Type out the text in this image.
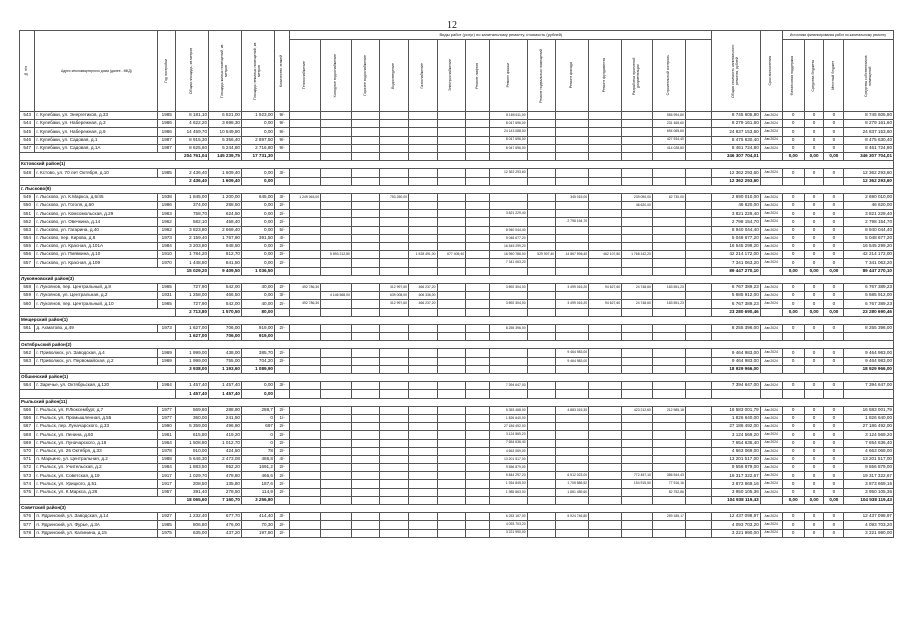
12
№ п/п	Адрес многоквартирного дома (далее - МКД)	Год постройки	Общая площадь, кв.метров	Площадь жилых помещений, кв. метров	Площадь нежилых помещений, кв. метров	Количество этажей	Виды работ (услуг) по капитальному ремонту, стоимость (рублей)														Общая стоимость капитального ремонта, рублей	Срок выполнения	Источники финансирования работ по капитальному ремонту			

							Теплоснабжение	Холодное водоснабжение	Горячее водоснабжение	Водоотведение	Газоснабжение	Электроснабжение	Ремонт лифтов	Ремонт крыши	Ремонт подвальных помещений	Ремонт фасада	Ремонт фундамента	Разработка проектной документации	Строительный контроль				Финансовая поддержка	Средства бюджета	Местный бюджет	Средства собственников помещений

543	г. Кулебаки, ул. Энергетиков, д.33	1985	8 181,10	6 821,00	1 923,00	9/-								8 189 611,00					555 994,80		8 745 605,80	Авг.2024	0	0	0	8 745 605,80
544	г. Кулебаки, ул. Набережная, д.3	1986	4 622,20	3 698,30	0,00	9/-								8 047 696,00					231 465,60		8 279 161,60	Авг.2024	0	0	0	8 279 161,60
545	г. Кулебаки, ул. Набережная, д.9	1986	14 459,70	10 549,90	0,00	9/-								24 143 088,00					694 065,60		24 837 153,60	Авг.2024	0	0	0	24 837 153,60
546	г. Кулебаки, ул. Садовая, д.1	1987	8 915,30	5 356,40	2 897,50	9/-								8 047 696,00					427 934,40		8 475 630,40	Авг.2024	0	0	0	8 475 630,40
547	г. Кулебаки, ул. Садовая, д.1А	1987	8 625,60	5 244,80	2 716,80	9/-								8 047 696,00					414 028,80		8 461 724,80	Авг.2024	0	0	0	8 461 724,80
			204 761,04	145 239,75	17 731,30																346 307 704,01		0,00	0,00	0,00	346 307 704,01
Кстовский район(1)																										
548	г. Кстово, ул. 70 лет Октября, д.10	1985	2 436,40	1 609,40	0,00	3/-								12 362 293,60							12 362 293,60	Авг.2024	0	0	0	12 362 293,60
			2 436,40	1 609,40	0,00																12 362 293,60					12 362 293,60
г. Лысково(9)																										
549	г. Лысково, ул. К.Маркса, д.6/45	1938	1 845,00	1 200,00	645,00	3/-	1 249 063,00			753 250,00						345 015,00		239 050,00	62 730,00		2 690 010,00	Авг.2024	0	0	0	2 690 010,00
550	г. Лысково, ул. Гоголя, д.60	1986	374,00	288,50	0,00	2/-												46 620,00			46 620,00	Авг.2024	0	0	0	46 620,00
551	г. Лысково, ул. Комсомольская, д.29	1963	758,70	624,50	0,00	2/-								3 821 229,40							3 821 229,40	Авг.2024	0	0	0	3 821 229,40
552	г. Лысково, ул. Овечкина, д.14	1962	582,10	458,40	0,00	2/-										2 798 154,70					2 798 154,70	Авг.2024	0	0	0	2 798 154,70
553	г. Лысково, ул. Гагарина, д.40	1962	3 823,80	2 669,40	0,00	5/-								8 940 044,40							8 940 044,40	Авг.2024	0	0	0	8 940 044,40
554	г. Лысково, пер. Кирова, д.8	1973	2 159,40	1 767,90	391,50	4/-								5 048 677,20							5 048 677,20	Авг.2024	0	0	0	5 048 677,20
555	г. Лысково, ул. Красная, д.101А	1984	3 203,80	948,50	0,00	2/-								16 545 299,20							16 545 299,20	Авг.2024	0	0	0	16 545 299,20
556	г. Лысково, ул. Пиявкина, д.10	1910	1 784,20	812,70	0,00	2/-		5 893 212,80			1 528 491,00	677 405,40		16 950 786,00	529 907,40	14 867 596,40	462 107,80	1 768 142,20			42 214 172,00	Авг.2024	0	0	0	42 214 172,00
557	г. Лысково, ул. Красная, д.109	1970	1 448,80	841,50	0,00	2/-								7 341 063,20							7 341 063,20	Авг.2024	0	0	0	7 341 063,20
			15 029,20	9 409,50	1 036,50																89 447 270,10		0,00	0,00	0,00	89 447 270,10
Лукояновский район(3)																										
558	г. Лукоянов, пер. Центральный, д.8	1965	727,90	542,00	40,00	2/-	492 786,30			312 997,60	466 237,20			3 892 304,00		3 499 015,20	94 627,60	24 748,60	183 551,23		6 767 389,23	Авг.2024	0	0	0	6 767 389,23
559	г. Лукоянов, ул. Центральная, д.2	1931	1 258,00	466,50	0,00	3/-		4 146 568,00		639 008,00	606 336,00										5 685 912,00	Авг.2024	0	0	0	5 685 912,00
560	г. Лукоянов, пер. Центральный, д.10	1965	727,90	542,00	40,00	2/-	492 786,30			312 997,60	466 237,20			3 892 304,00		3 499 015,20	94 627,60	24 748,60	183 551,23		6 767 389,23	Авг.2024	0	0	0	6 767 389,23
			2 713,80	1 570,50	80,00																23 280 690,46		0,00	0,00	0,00	23 280 690,46
Мещерский район(1)																										
561	д. Ахматово, д.49	1973	1 627,00	706,00	919,00	2/-								8 255 396,00							8 255 396,00	Авг.2024	0	0	0	8 255 396,00
			1 627,00	706,00	919,00																					
Октябрьский район(2)																										
562	г. Приволжск, ул. Заводская, д.4	1969	1 999,00	438,00	385,70	2/-										9 464 983,00					9 464 983,00	Авг.2024	0	0	0	9 464 983,00
563	г. Приволжск, ул. Первомайская, д.2	1969	1 999,00	755,00	704,20	2/-										9 464 983,00					9 464 983,00	Авг.2024	0	0	0	9 464 983,00
			3 938,00	1 193,60	1 089,90																18 929 966,00					18 929 966,00
Обшинский район(1)																										
564	г. Заречье, ул. Октябрьская, д.120	1984	1 457,40	1 457,40	0,00	3/-								7 394 647,00							7 394 647,00	Авг.2024	0	0	0	7 394 647,00
			1 457,40	1 457,40	0,00																					
Рыльский район(11)																										
566	г. Рыльск, ул. Р.Люксембург, д.7	1977	569,60	288,90	288,7	2/-								5 353 468,00		4 883 015,30		423 212,60	212 985,18		16 583 001,79	Авг.2024	0	0	0	16 583 001,79
566	г. Рыльск, ул. Промышленная, д.55	1977	360,00	241,50	0	1/-								1 826 640,00							1 826 640,00	Авг.2024	0	0	0	1 826 640,00
567	г. Рыльск, пер. Луначарского, д.33	1990	5 359,00	496,90	697	2/-								27 186 492,00							27 186 492,00	Авг.2024	0	0	0	27 186 492,00
568	г. Рыльск, ул. Ленина, д.60	1961	615,80	419,20	0	2/-								3 124 569,20							3 124 569,20	Авг.2024	0	0	0	3 124 569,20
569	г. Рыльск, ул. Луначарского, д.18	1964	1 508,80	1 012,70	0	2/-								7 654 636,40							7 654 636,40	Авг.2024	0	0	0	7 654 636,40
570	г. Рыльск, ул. 25 Октября, д.33	1978	910,00	424,50	78	2/-								4 663 069,00							4 663 069,00	Авг.2024	0	0	0	4 663 069,00
571	п. Марьино, ул. Центральная, д.2	1988	5 646,30	2 473,08	486,8	4/-								13 201 517,00							13 201 517,00	Авг.2024	0	0	0	13 201 517,00
572	г. Рыльск, ул. Учительская, д.2	1984	1 883,50	952,20	1691,2	2/-								9 556 879,00							9 556 879,00	Авг.2024	0	0	0	9 556 879,00
573	г. Рыльск, ул. Советская, д.19	1917	1 029,70	478,80	466,6	2/-								5 844 297,20		6 512 023,00		772 457,10	386 544,43		19 317 322,67	Авг.2024	0	0	0	19 317 322,67
574	г. Рыльск, ул. Урицкого, д.51	1917	208,50	135,80	187,6	2/-								1 934 845,00		1 705 886,52		154 915,50	77 916,16		3 873 669,16	Авг.2024	0	0	0	3 873 669,16
575	г. Рыльск, ул. К.Маркса, д.28	1957	391,40	278,50	114,9	2/-								1 985 863,00		1 881 489,60			82 752,86		3 950 105,36	Авг.2024	0	0	0	3 950 105,36
			18 065,60	7 160,70	3 256,80																104 938 119,43		0,00	0,00	0,00	104 938 119,43
Советский район(3)																										
576	п. Ядринский, ул. Заводская, д.14	1927	1 232,40	677,70	414,40	3/-								6 253 167,00		5 924 746,80			259 185,17		12 437 098,97	Авг.2024	0	0	0	12 437 098,97
577	п. Ядринский, ул. Фурье, д.3А	1985	806,80	476,00	70,30	2/-								4 093 703,20							4 093 703,20	Авг.2024	0	0	0	4 093 703,20
578	п. Ядринский, ул. Калинина, д.15	1975	635,00	437,20	197,80	2/-								3 221 990,00							3 221 990,00	Авг.2024	0	0	0	3 221 990,00
